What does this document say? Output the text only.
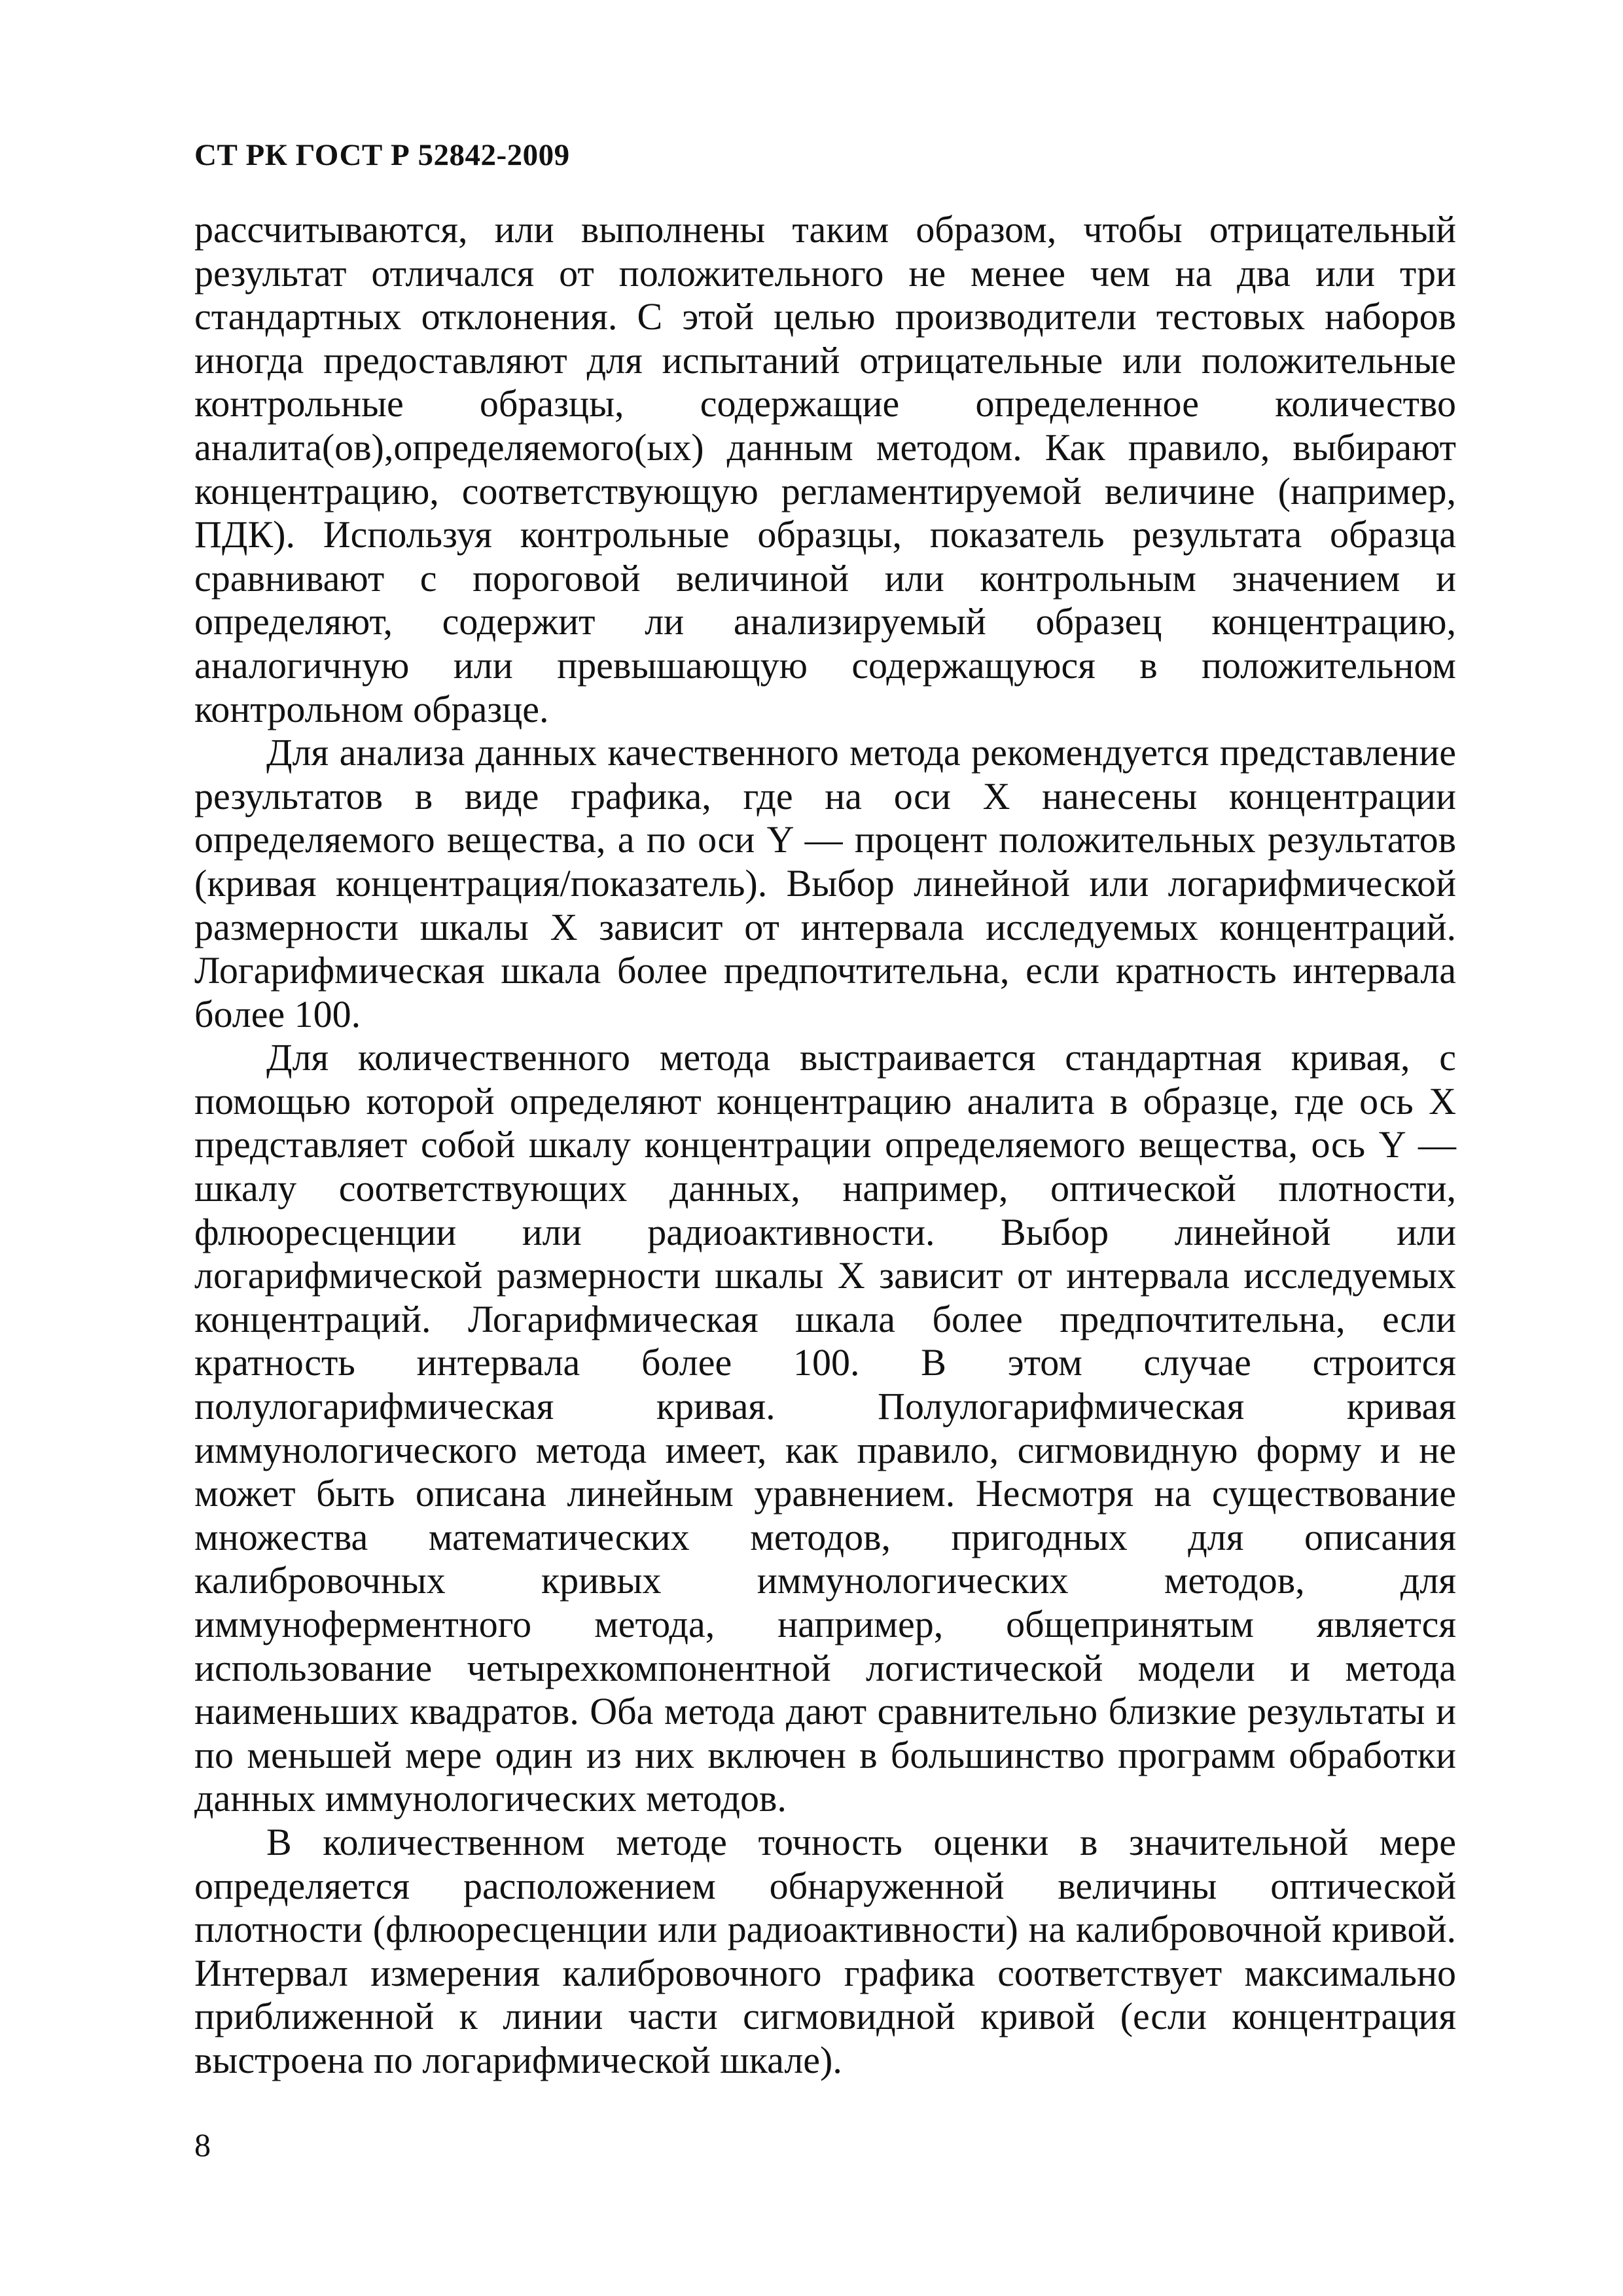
СТ РК ГОСТ Р 52842-2009

рассчитываются, или выполнены таким образом, чтобы отрицательный результат отличался от положительного не менее чем на два или три стандартных отклонения. С этой целью производители тестовых наборов иногда предоставляют для испытаний отрицательные или положительные контрольные образцы, содержащие определенное количество аналита(ов),определяемого(ых) данным методом. Как правило, выбирают концентрацию, соответствующую регламентируемой величине (например, ПДК). Используя контрольные образцы, показатель результата образца сравнивают с пороговой величиной или контрольным значением и определяют, содержит ли анализируемый образец концентрацию, аналогичную или превышающую содержащуюся в положительном контрольном образце.

Для анализа данных качественного метода рекомендуется представление результатов в виде графика, где на оси X нанесены концентрации определяемого вещества, а по оси Y — процент положительных результатов (кривая концентрация/показатель). Выбор линейной или логарифмической размерности шкалы X зависит от интервала исследуемых концентраций. Логарифмическая шкала более предпочтительна, если кратность интервала более 100.

Для количественного метода выстраивается стандартная кривая, с помощью которой определяют концентрацию аналита в образце, где ось X представляет собой шкалу концентрации определяемого вещества, ось Y — шкалу соответствующих данных, например, оптической плотности, флюоресценции или радиоактивности. Выбор линейной или логарифмической размерности шкалы X зависит от интервала исследуемых концентраций. Логарифмическая шкала более предпочтительна, если кратность интервала более 100. В этом случае строится полулогарифмическая кривая. Полулогарифмическая кривая иммунологического метода имеет, как правило, сигмовидную форму и не может быть описана линейным уравнением. Несмотря на существование множества математических методов, пригодных для описания калибровочных кривых иммунологических методов, для иммуноферментного метода, например, общепринятым является использование четырехкомпонентной логистической модели и метода наименьших квадратов. Оба метода дают сравнительно близкие результаты и по меньшей мере один из них включен в большинство программ обработки данных иммунологических методов.

В количественном методе точность оценки в значительной мере определяется расположением обнаруженной величины оптической плотности (флюоресценции или радиоактивности) на калибровочной кривой. Интервал измерения калибровочного графика соответствует максимально приближенной к линии части сигмовидной кривой (если концентрация выстроена по логарифмической шкале).

8
